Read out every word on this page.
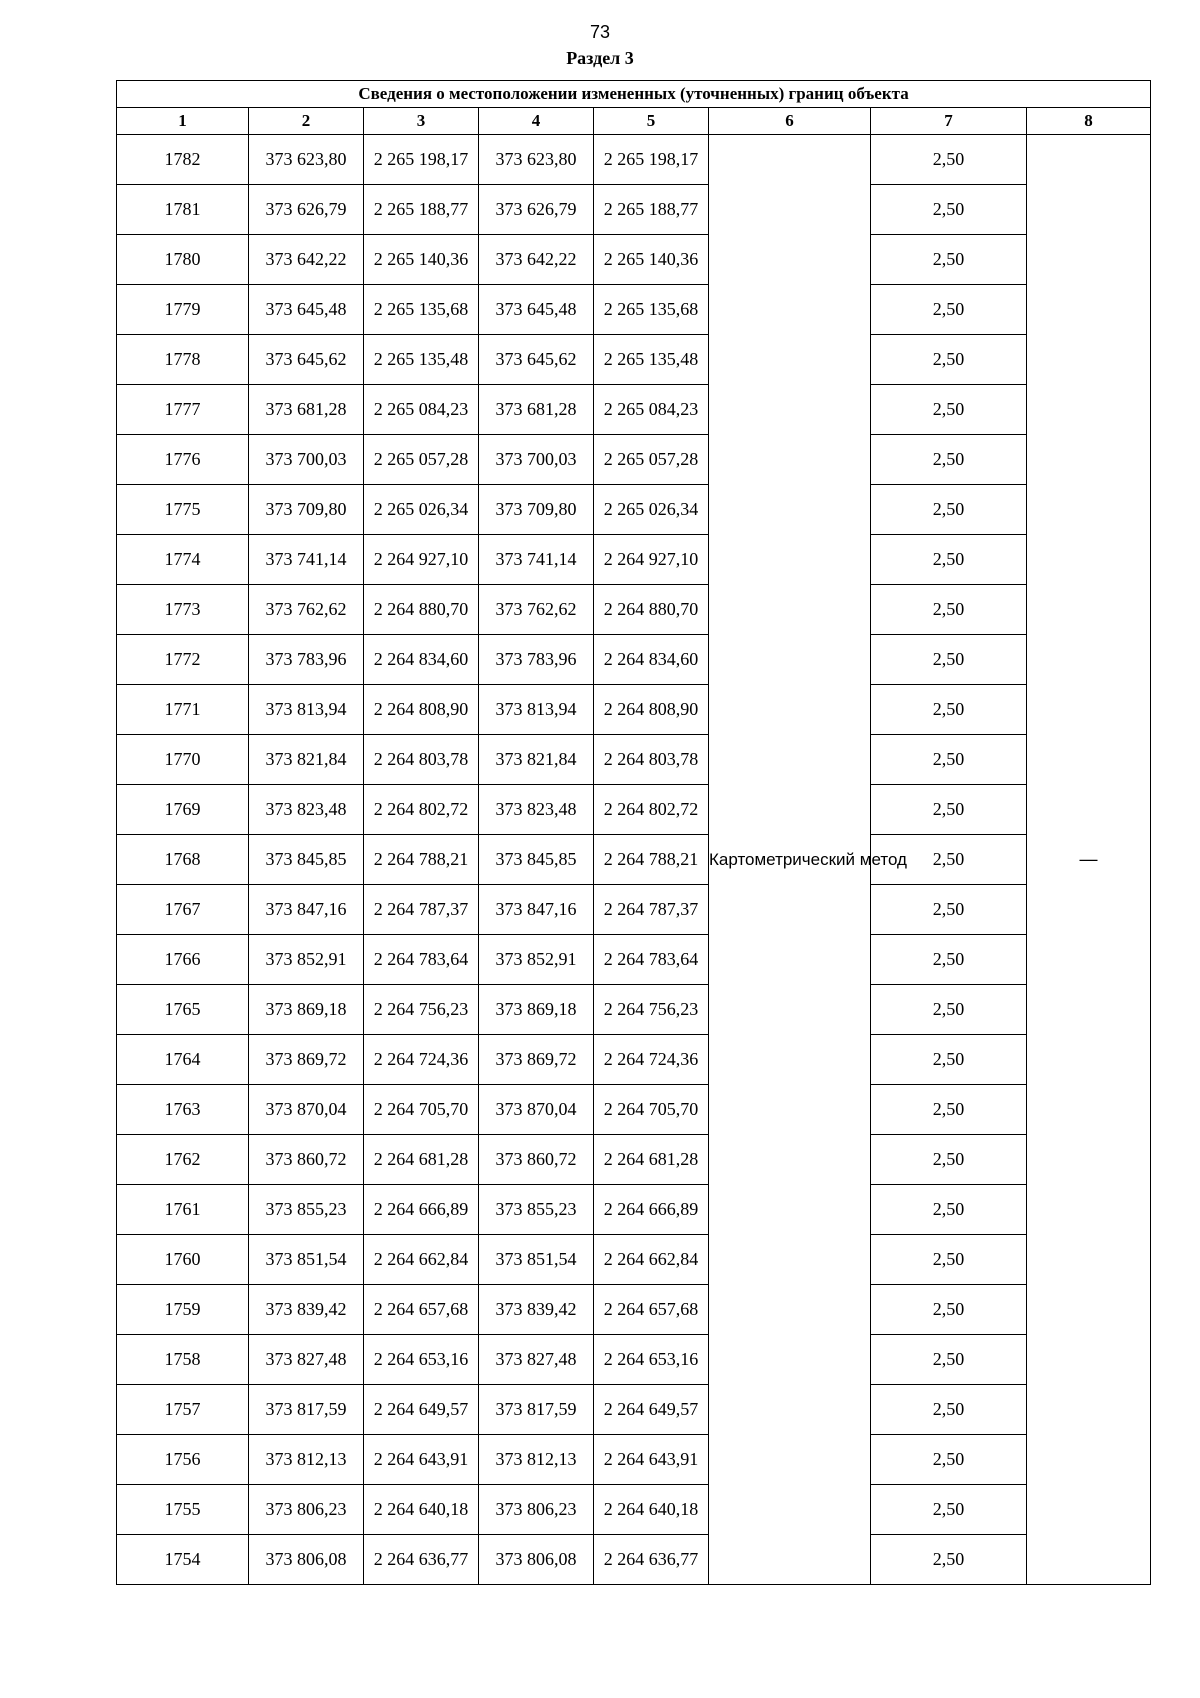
73
Раздел 3
Сведения о местоположении измененных (уточненных) границ объекта							
1	2	3	4	5	6	7	8
1782	373 623,80	2 265 198,17	373 623,80	2 265 198,17	Картометрический метод	2,50	—
1781	373 626,79	2 265 188,77	373 626,79	2 265 188,77		2,50	
1780	373 642,22	2 265 140,36	373 642,22	2 265 140,36		2,50	
1779	373 645,48	2 265 135,68	373 645,48	2 265 135,68		2,50	
1778	373 645,62	2 265 135,48	373 645,62	2 265 135,48		2,50	
1777	373 681,28	2 265 084,23	373 681,28	2 265 084,23		2,50	
1776	373 700,03	2 265 057,28	373 700,03	2 265 057,28		2,50	
1775	373 709,80	2 265 026,34	373 709,80	2 265 026,34		2,50	
1774	373 741,14	2 264 927,10	373 741,14	2 264 927,10		2,50	
1773	373 762,62	2 264 880,70	373 762,62	2 264 880,70		2,50	
1772	373 783,96	2 264 834,60	373 783,96	2 264 834,60		2,50	
1771	373 813,94	2 264 808,90	373 813,94	2 264 808,90		2,50	
1770	373 821,84	2 264 803,78	373 821,84	2 264 803,78		2,50	
1769	373 823,48	2 264 802,72	373 823,48	2 264 802,72		2,50	
1768	373 845,85	2 264 788,21	373 845,85	2 264 788,21		2,50	
1767	373 847,16	2 264 787,37	373 847,16	2 264 787,37		2,50	
1766	373 852,91	2 264 783,64	373 852,91	2 264 783,64		2,50	
1765	373 869,18	2 264 756,23	373 869,18	2 264 756,23		2,50	
1764	373 869,72	2 264 724,36	373 869,72	2 264 724,36		2,50	
1763	373 870,04	2 264 705,70	373 870,04	2 264 705,70		2,50	
1762	373 860,72	2 264 681,28	373 860,72	2 264 681,28		2,50	
1761	373 855,23	2 264 666,89	373 855,23	2 264 666,89		2,50	
1760	373 851,54	2 264 662,84	373 851,54	2 264 662,84		2,50	
1759	373 839,42	2 264 657,68	373 839,42	2 264 657,68		2,50	
1758	373 827,48	2 264 653,16	373 827,48	2 264 653,16		2,50	
1757	373 817,59	2 264 649,57	373 817,59	2 264 649,57		2,50	
1756	373 812,13	2 264 643,91	373 812,13	2 264 643,91		2,50	
1755	373 806,23	2 264 640,18	373 806,23	2 264 640,18		2,50	
1754	373 806,08	2 264 636,77	373 806,08	2 264 636,77		2,50	
